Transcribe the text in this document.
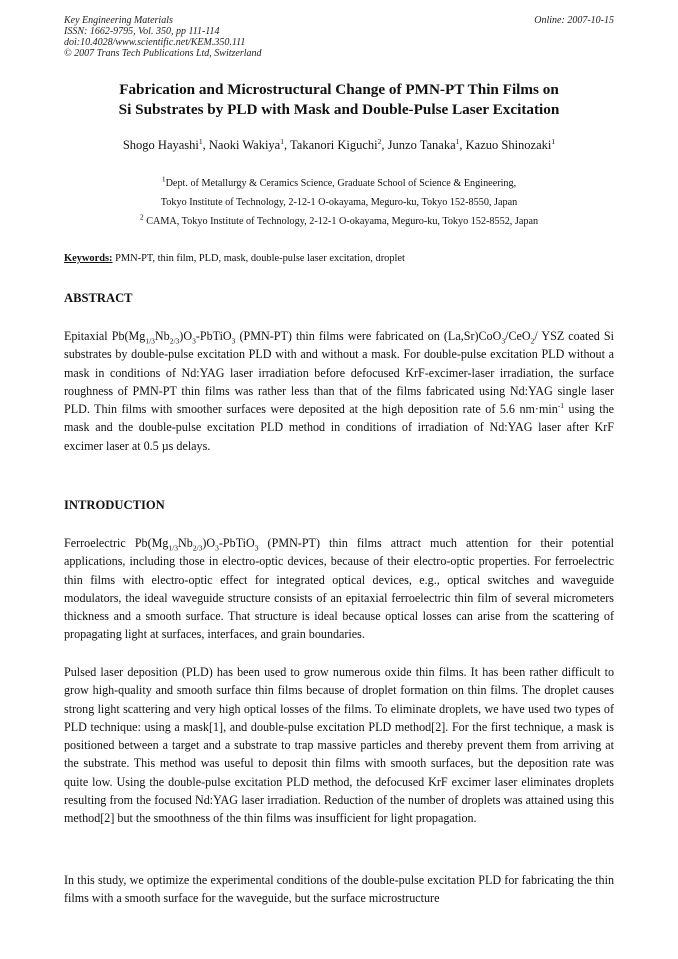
Key Engineering Materials
ISSN: 1662-9795, Vol. 350, pp 111-114
doi:10.4028/www.scientific.net/KEM.350.111
© 2007 Trans Tech Publications Ltd, Switzerland
Online: 2007-10-15
Fabrication and Microstructural Change of PMN-PT Thin Films on
Si Substrates by PLD with Mask and Double-Pulse Laser Excitation
Shogo Hayashi$^1$, Naoki Wakiya$^1$, Takanori Kiguchi$^2$, Junzo Tanaka$^1$, Kazuo Shinozaki$^1$
$^1$Dept. of Metallurgy & Ceramics Science, Graduate School of Science & Engineering,
Tokyo Institute of Technology, 2-12-1 O-okayama, Meguro-ku, Tokyo 152-8550, Japan
$^2$ CAMA, Tokyo Institute of Technology, 2-12-1 O-okayama, Meguro-ku, Tokyo 152-8552, Japan
Keywords: PMN-PT, thin film, PLD, mask, double-pulse laser excitation, droplet
ABSTRACT
Epitaxial $Pb(Mg_{1/3}Nb_{2/3})O_3-PbTiO_3$ (PMN-PT) thin films were fabricated on (La,Sr)CoO$_3$/CeO$_2$/ YSZ coated Si substrates by double-pulse excitation PLD with and without a mask. For double-pulse excitation PLD without a mask in conditions of Nd:YAG laser irradiation before defocused KrF-excimer-laser irradiation, the surface roughness of PMN-PT thin films was rather less than that of the films fabricated using Nd:YAG single laser PLD. Thin films with smoother surfaces were deposited at the high deposition rate of 5.6 $nm\cdot\min^{-1}$ using the mask and the double-pulse excitation PLD method in conditions of irradiation of Nd:YAG laser after KrF excimer laser at 0.5 µs delays.
INTRODUCTION
Ferroelectric $Pb(Mg_{1/3}Nb_{2/3})O_3-PbTiO_3$ (PMN-PT) thin films attract much attention for their potential applications, including those in electro-optic devices, because of their electro-optic properties. For ferroelectric thin films with electro-optic effect for integrated optical devices, e.g., optical switches and waveguide modulators, the ideal waveguide structure consists of an epitaxial ferroelectric thin film of several micrometers thickness and a smooth surface. That structure is ideal because optical losses can arise from the scattering of propagating light at surfaces, interfaces, and grain boundaries.
Pulsed laser deposition (PLD) has been used to grow numerous oxide thin films. It has been rather difficult to grow high-quality and smooth surface thin films because of droplet formation on thin films. The droplet causes strong light scattering and very high optical losses of the films. To eliminate droplets, we have used two types of PLD technique: using a mask[1], and double-pulse excitation PLD method[2]. For the first technique, a mask is positioned between a target and a substrate to trap massive particles and thereby prevent them from arriving at the substrate. This method was useful to deposit thin films with smooth surfaces, but the deposition rate was quite low. Using the double-pulse excitation PLD method, the defocused KrF excimer laser eliminates droplets resulting from the focused Nd:YAG laser irradiation. Reduction of the number of droplets was attained using this method[2] but the smoothness of the thin films was insufficient for light propagation.
In this study, we optimize the experimental conditions of the double-pulse excitation PLD for fabricating the thin films with a smooth surface for the waveguide, but the surface microstructure
